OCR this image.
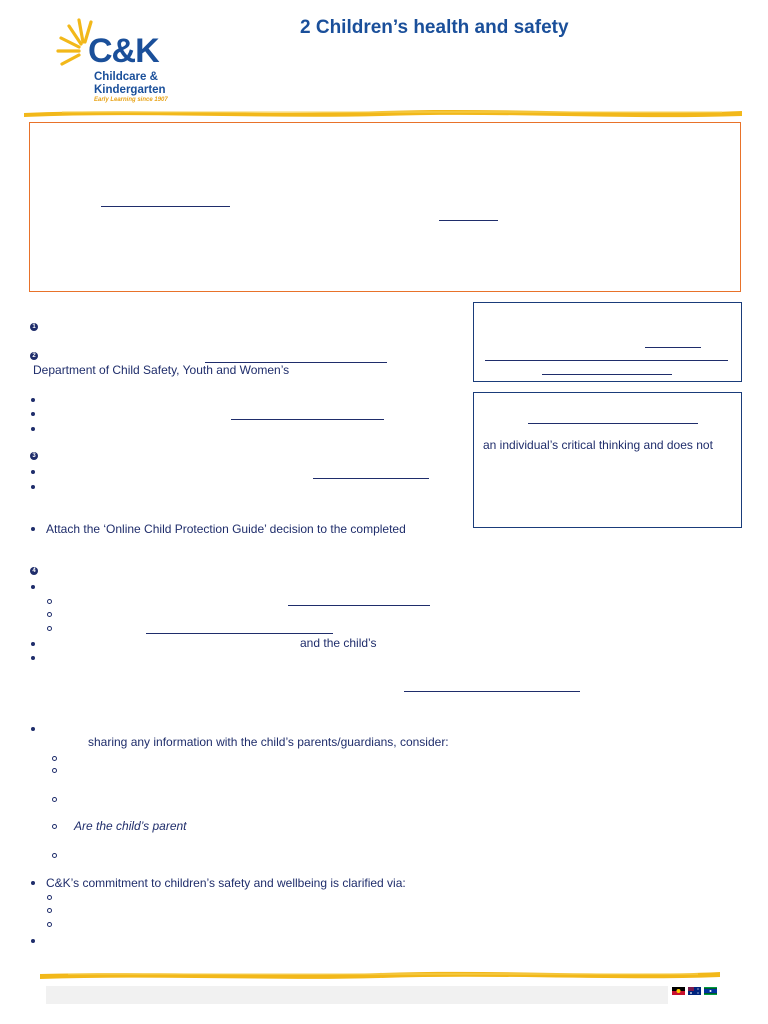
C&K
Childcare &
Kindergarten
Early Learning since 1907
2 Children’s health and safety
an individual’s critical thinking and does not
1
2
Department of Child Safety, Youth and Women’s
3
Attach the ‘Online Child Protection Guide’ decision to the completed
4
and the child’s
sharing any information with the child’s parents/guardians, consider:
Are the child’s parent
C&K’s commitment to children’s safety and wellbeing is clarified via:
